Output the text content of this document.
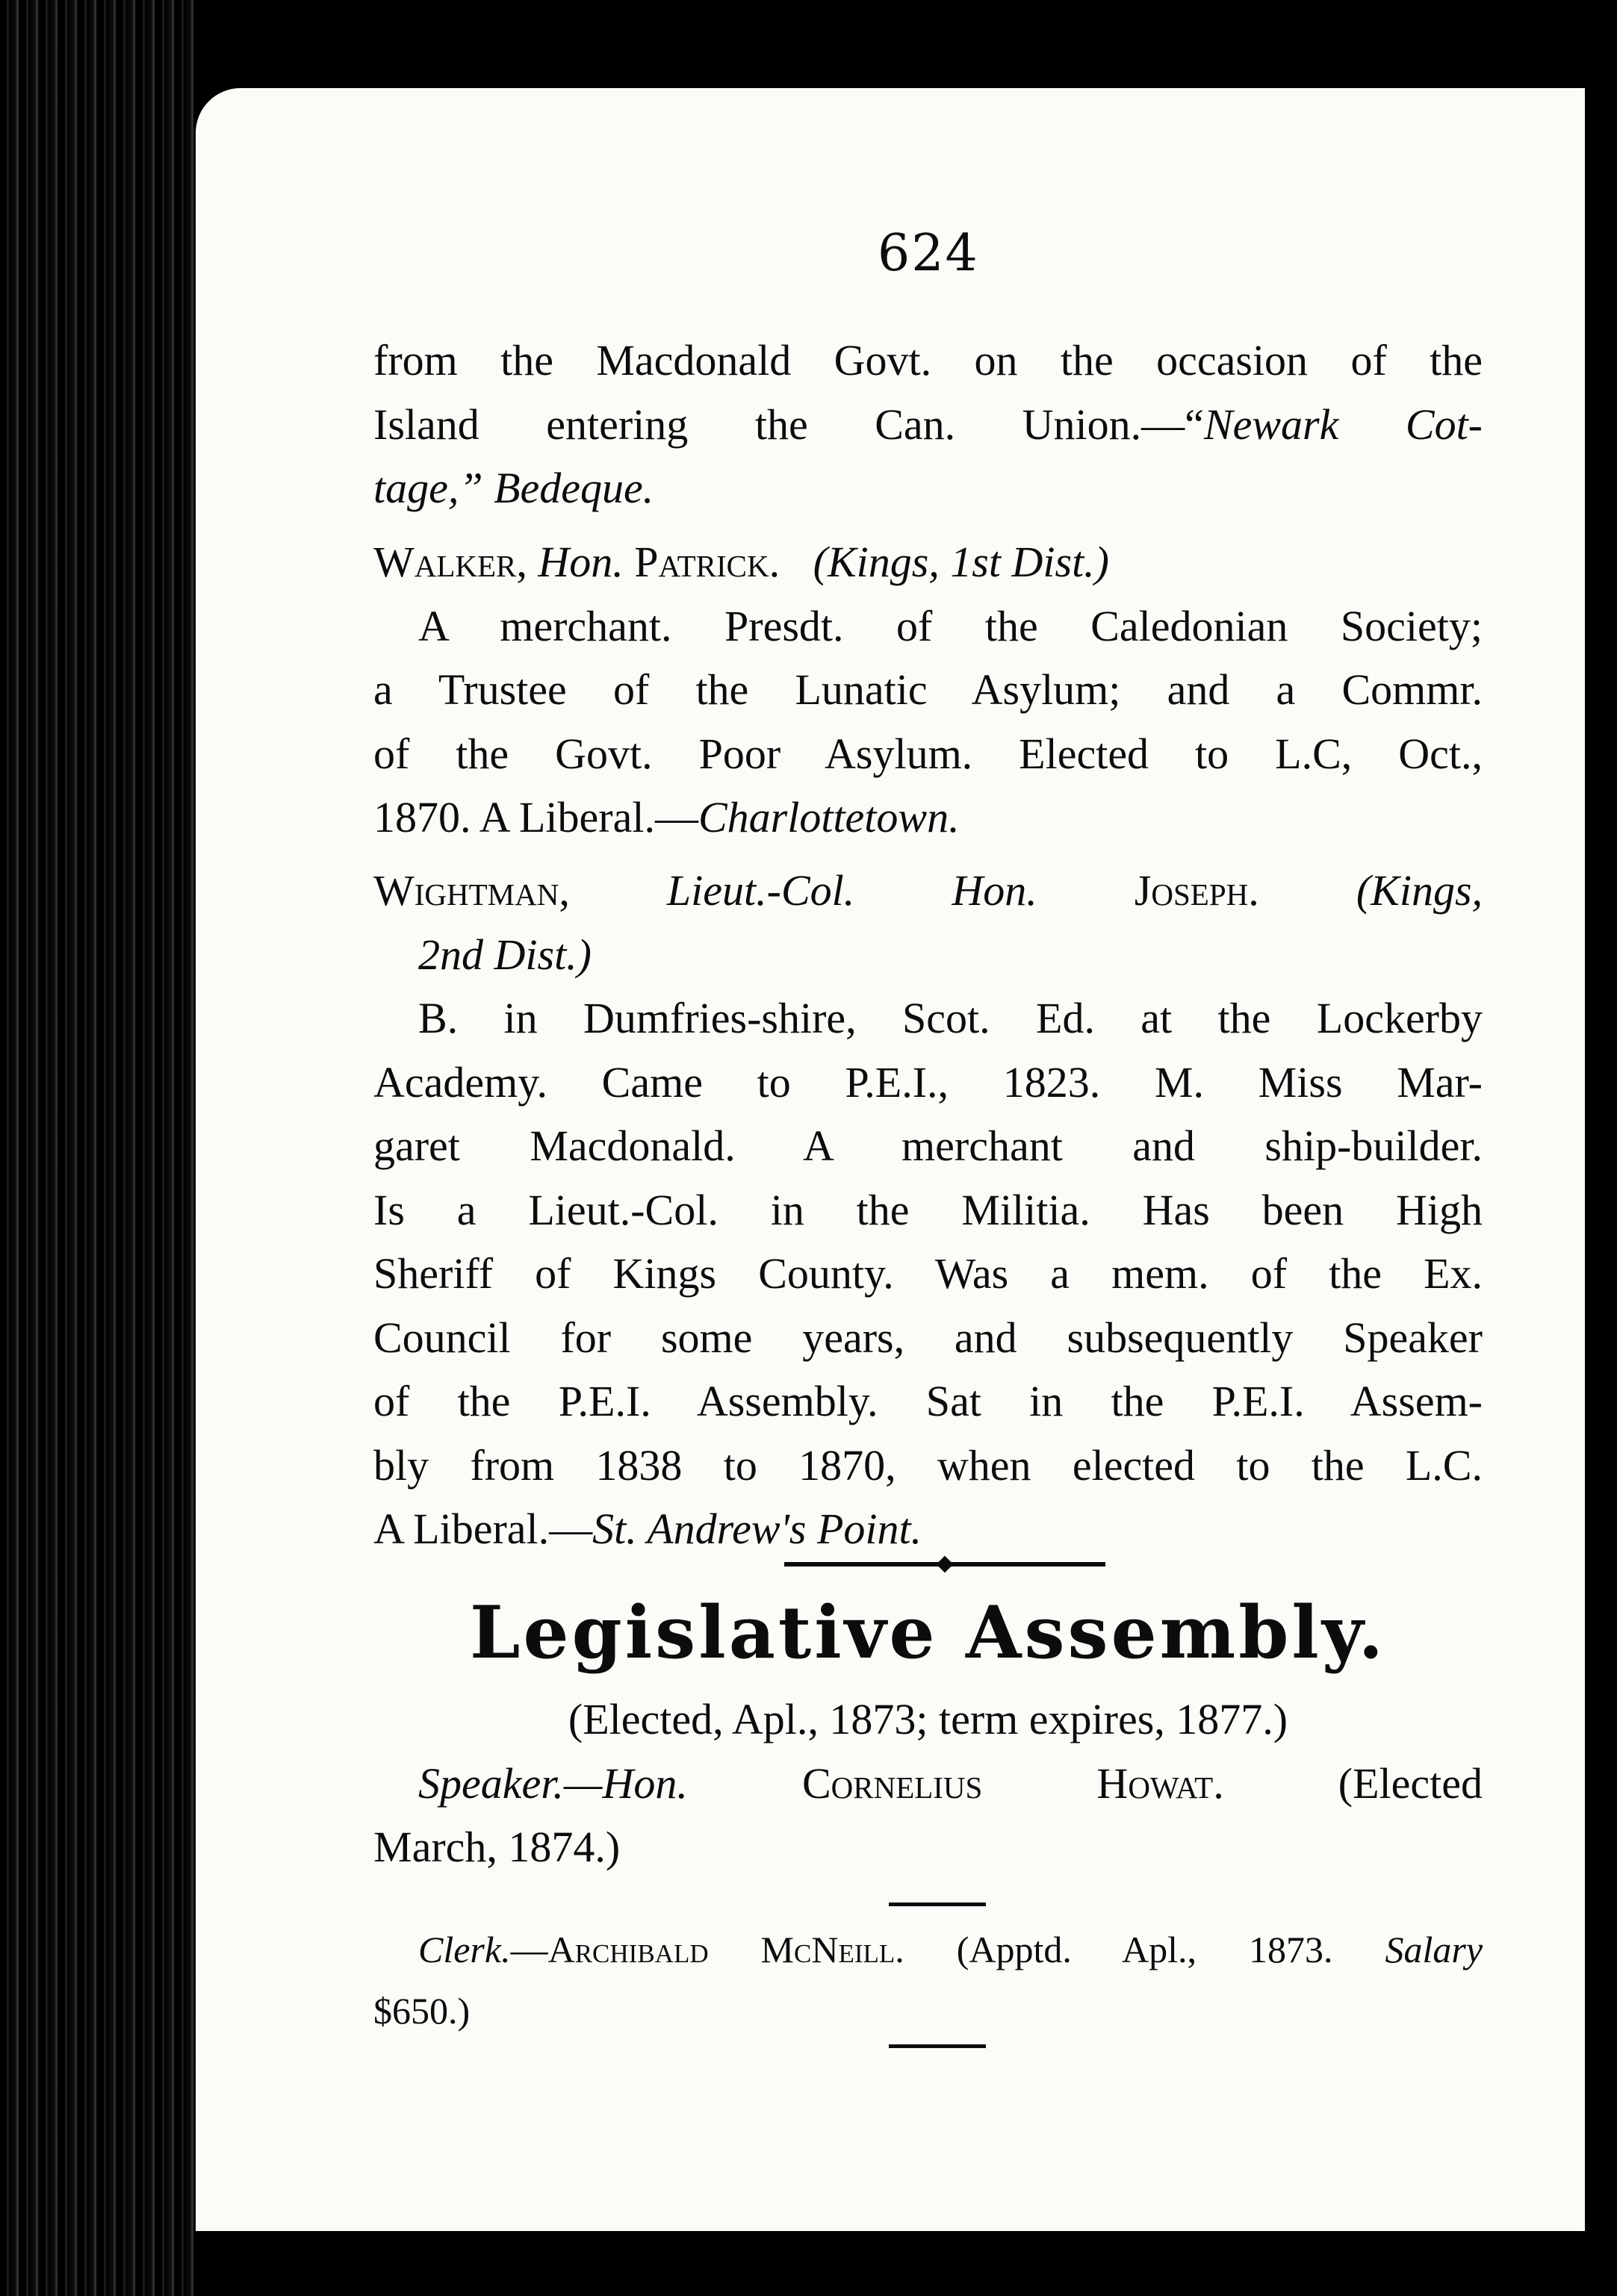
624
from the Macdonald Govt. on the occasion of the
Island entering the Can. Union.—“Newark Cot-
tage,” Bedeque.
Walker, Hon. Patrick. (Kings, 1st Dist.)
A merchant. Presdt. of the Caledonian Society;
a Trustee of the Lunatic Asylum; and a Commr.
of the Govt. Poor Asylum. Elected to L.C, Oct.,
1870. A Liberal.—Charlottetown.
Wightman, Lieut.-Col. Hon. Joseph. (Kings,
2nd Dist.)
B. in Dumfries-shire, Scot. Ed. at the Lockerby
Academy. Came to P.E.I., 1823. M. Miss Mar-
garet Macdonald. A merchant and ship-builder.
Is a Lieut.-Col. in the Militia. Has been High
Sheriff of Kings County. Was a mem. of the Ex.
Council for some years, and subsequently Speaker
of the P.E.I. Assembly. Sat in the P.E.I. Assem-
bly from 1838 to 1870, when elected to the L.C.
A Liberal.—St. Andrew's Point.
Legislative Assembly.
(Elected, Apl., 1873; term expires, 1877.)
Speaker.—Hon.	Cornelius Howat.	(Elected
March, 1874.)
Clerk.—Archibald McNeill. (Apptd. Apl., 1873. Salary
$650.)
